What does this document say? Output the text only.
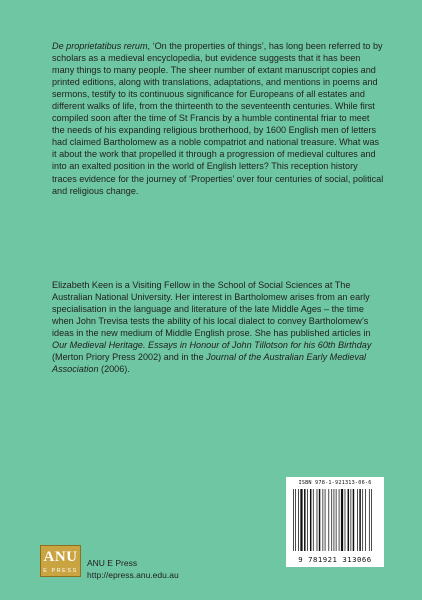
De proprietatibus rerum, ‘On the properties of things’, has long been referred to by scholars as a medieval encyclopedia, but evidence suggests that it has been many things to many people. The sheer number of extant manuscript copies and printed editions, along with translations, adaptations, and mentions in poems and sermons, testify to its continuous significance for Europeans of all estates and different walks of life, from the thirteenth to the seventeenth centuries. While first compiled soon after the time of St Francis by a humble continental friar to meet the needs of his expanding religious brotherhood, by 1600 English men of letters had claimed Bartholomew as a noble compatriot and national treasure. What was it about the work that propelled it through a progression of medieval cultures and into an exalted position in the world of English letters? This reception history traces evidence for the journey of ‘Properties’ over four centuries of social, political and religious change.

Elizabeth Keen is a Visiting Fellow in the School of Social Sciences at The Australian National University. Her interest in Bartholomew arises from an early specialisation in the language and literature of the late Middle Ages – the time when John Trevisa tests the ability of his local dialect to convey Bartholomew’s ideas in the new medium of Middle English prose. She has published articles in Our Medieval Heritage. Essays in Honour of John Tillotson for his 60th Birthday (Merton Priory Press 2002) and in the Journal of the Australian Early Medieval Association (2006).

ISBN 978-1-921313-06-6
9 781921 313066
ANU
E PRESS
ANU E Press
http://epress.anu.edu.au
